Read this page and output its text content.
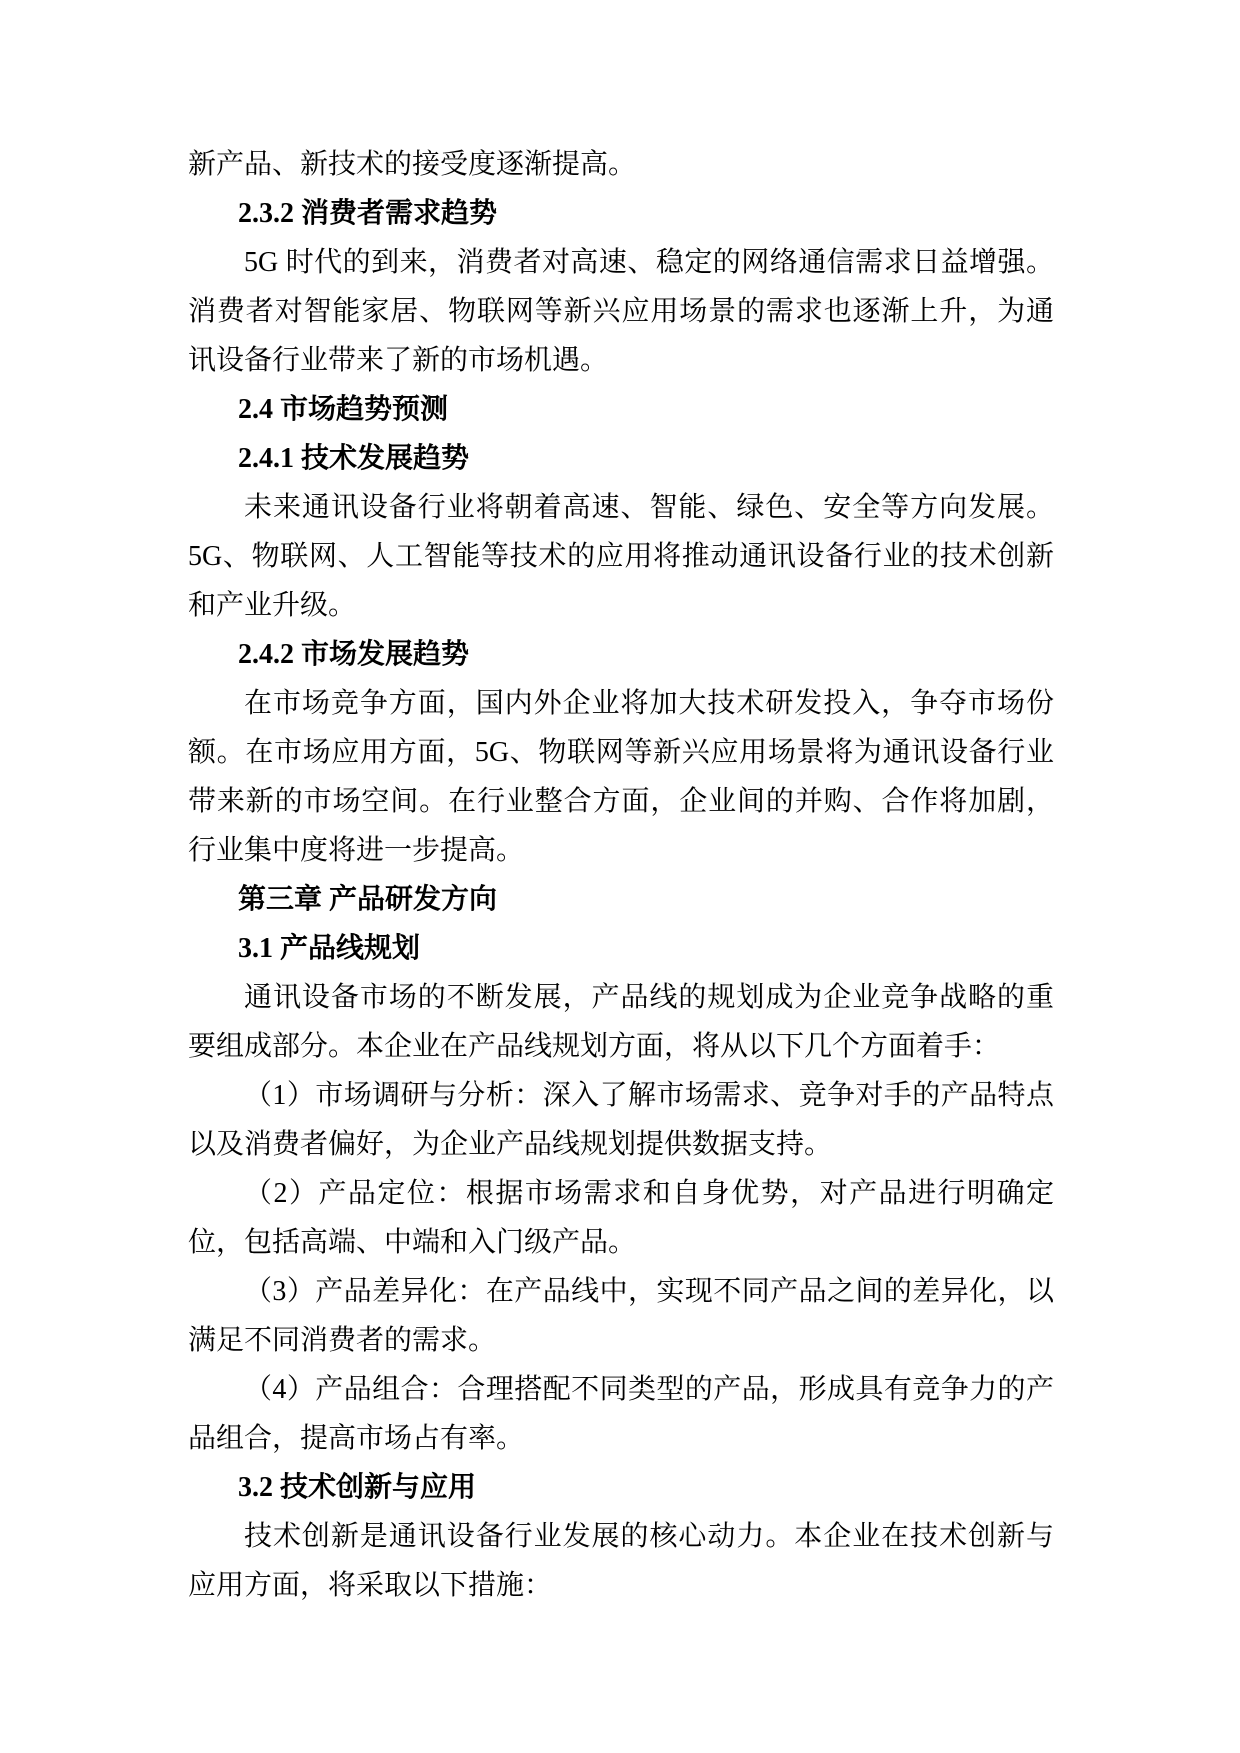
新产品、新技术的接受度逐渐提高。

2.3.2 消费者需求趋势

5G 时代的到来，消费者对高速、稳定的网络通信需求日益增强。消费者对智能家居、物联网等新兴应用场景的需求也逐渐上升，为通讯设备行业带来了新的市场机遇。

2.4 市场趋势预测

2.4.1 技术发展趋势

未来通讯设备行业将朝着高速、智能、绿色、安全等方向发展。5G、物联网、人工智能等技术的应用将推动通讯设备行业的技术创新和产业升级。

2.4.2 市场发展趋势

在市场竞争方面，国内外企业将加大技术研发投入，争夺市场份额。在市场应用方面，5G、物联网等新兴应用场景将为通讯设备行业带来新的市场空间。在行业整合方面，企业间的并购、合作将加剧，行业集中度将进一步提高。

第三章 产品研发方向

3.1 产品线规划

通讯设备市场的不断发展，产品线的规划成为企业竞争战略的重要组成部分。本企业在产品线规划方面，将从以下几个方面着手：

（1）市场调研与分析：深入了解市场需求、竞争对手的产品特点以及消费者偏好，为企业产品线规划提供数据支持。

（2）产品定位：根据市场需求和自身优势，对产品进行明确定位，包括高端、中端和入门级产品。

（3）产品差异化：在产品线中，实现不同产品之间的差异化，以满足不同消费者的需求。

（4）产品组合：合理搭配不同类型的产品，形成具有竞争力的产品组合，提高市场占有率。

3.2 技术创新与应用

技术创新是通讯设备行业发展的核心动力。本企业在技术创新与应用方面，将采取以下措施：
